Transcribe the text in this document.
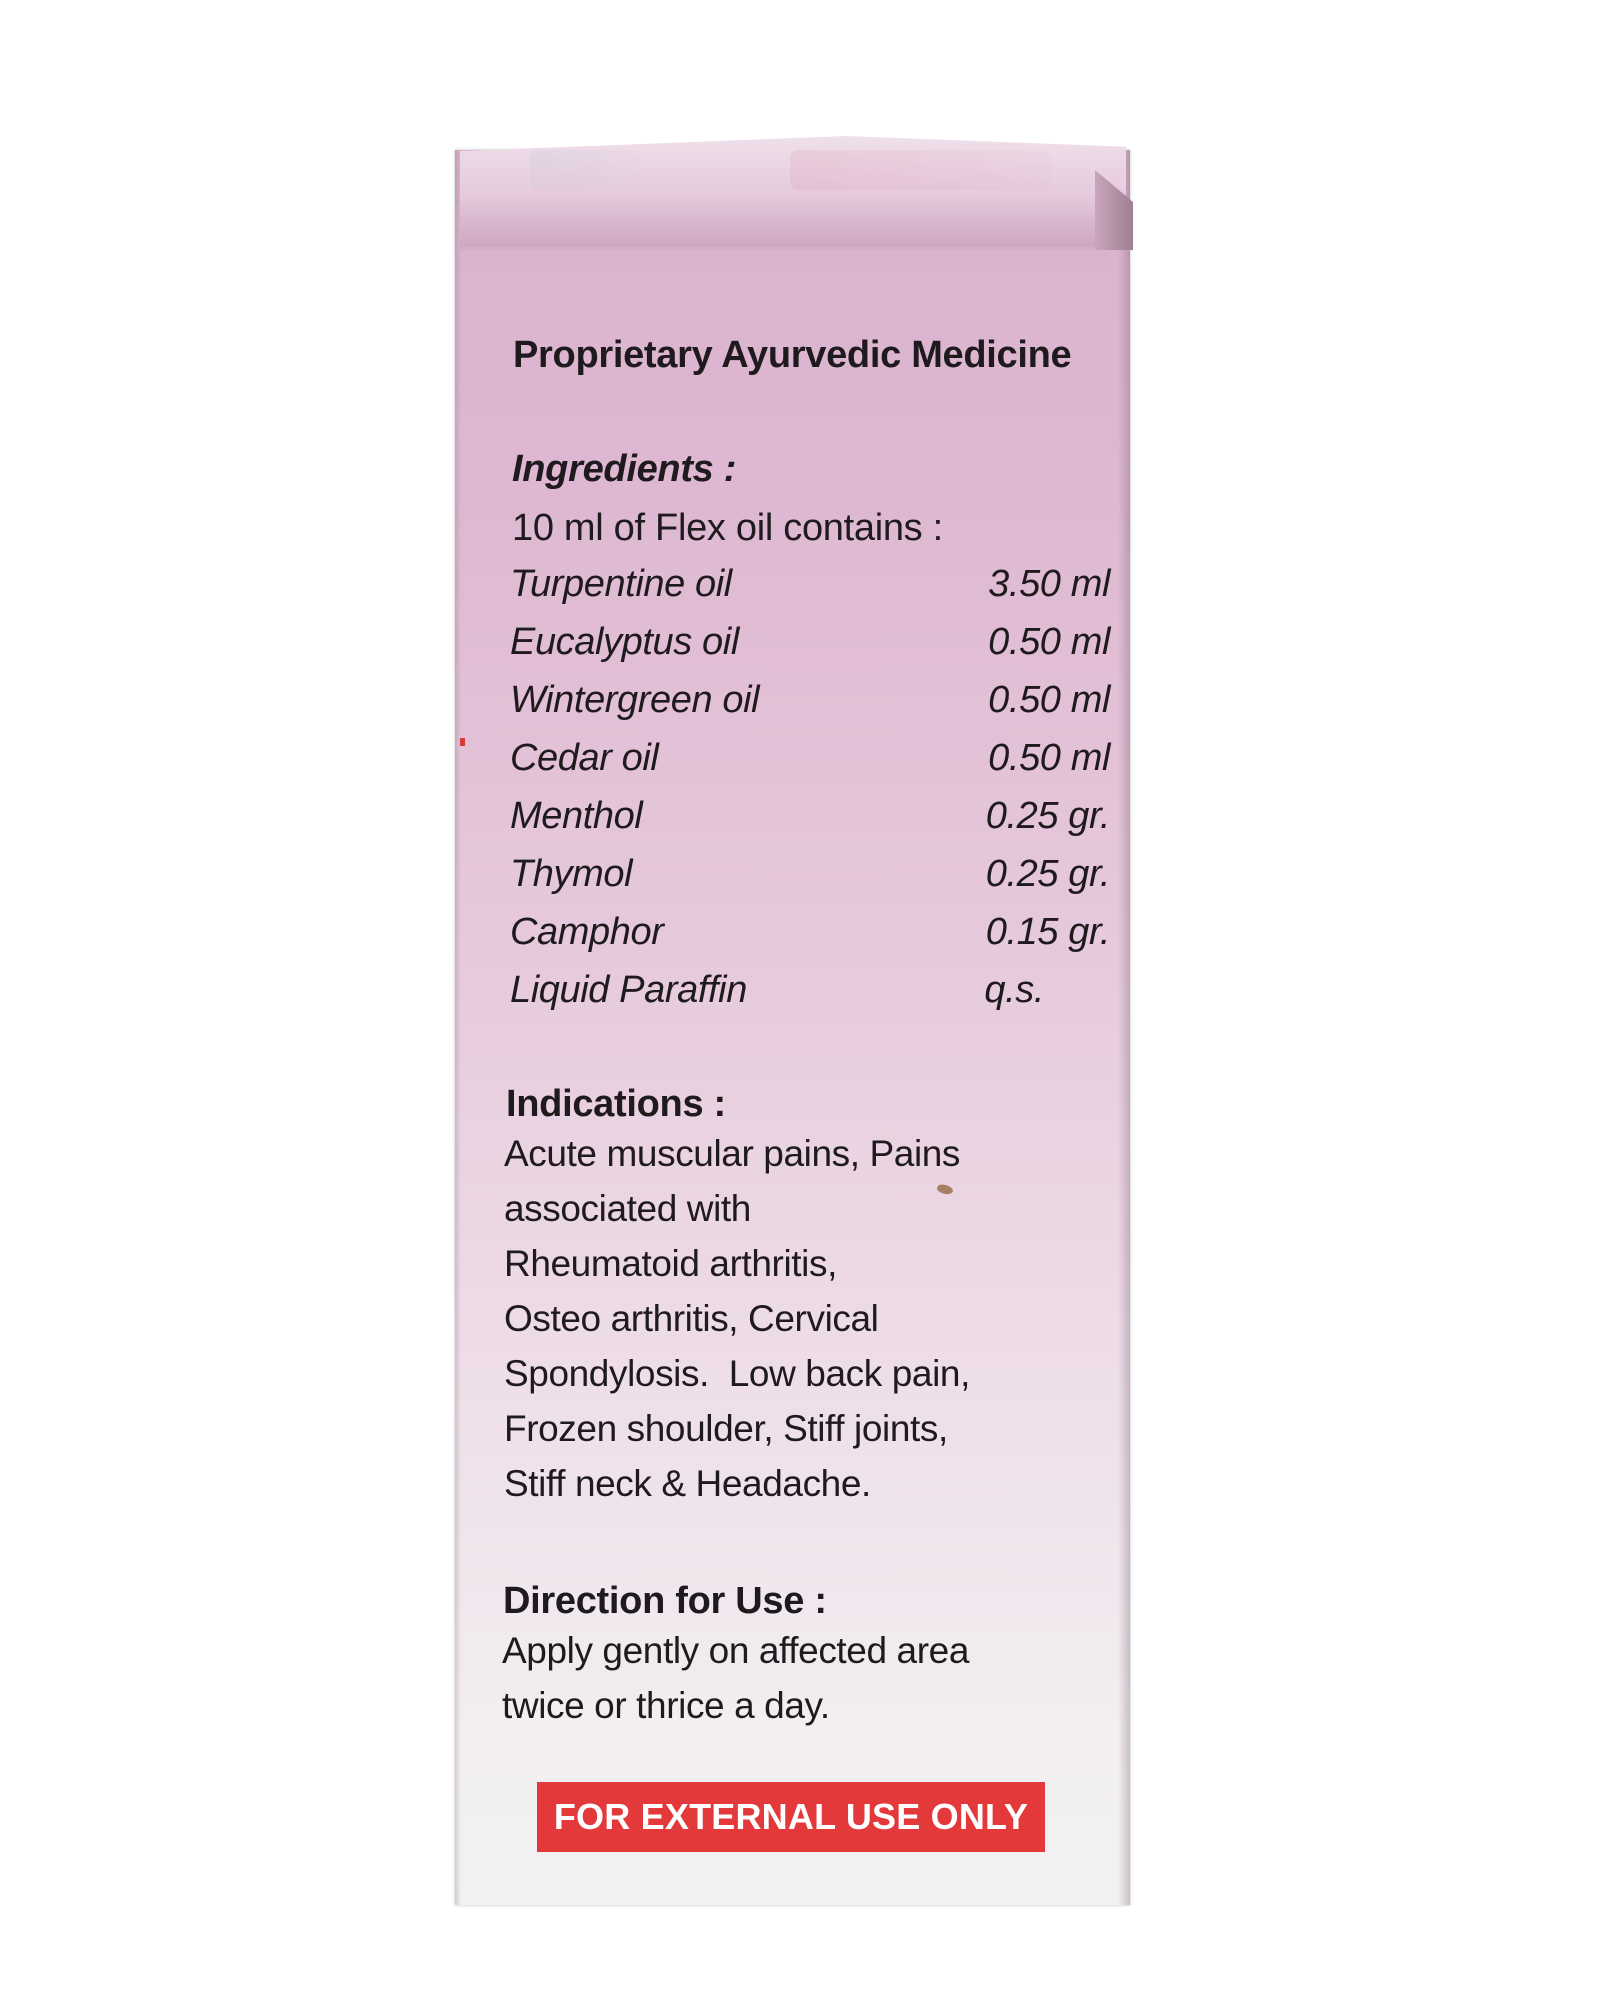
Proprietary Ayurvedic Medicine
Ingredients :
10 ml of Flex oil contains :
Turpentine oil	3.50 ml
Eucalyptus oil	0.50 ml
Wintergreen oil	0.50 ml
Cedar oil	0.50 ml
Menthol	0.25 gr.
Thymol	0.25 gr.
Camphor	0.15 gr.
Liquid Paraffin	q.s.
Indications :
Acute muscular pains, Pains
associated with
Rheumatoid arthritis,
Osteo arthritis, Cervical
Spondylosis.  Low back pain,
Frozen shoulder, Stiff joints,
Stiff neck & Headache.
Direction for Use :
Apply gently on affected area
twice or thrice a day.
FOR EXTERNAL USE ONLY
